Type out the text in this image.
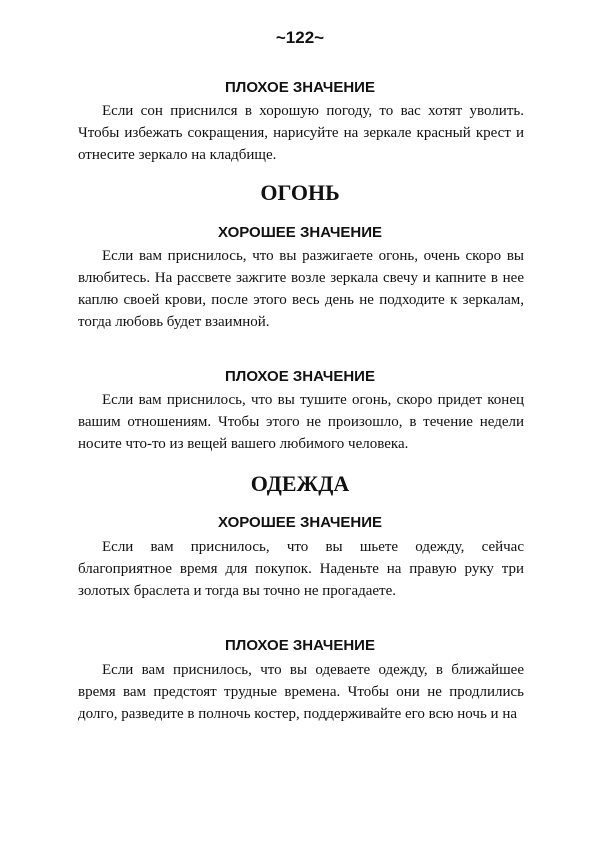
~122~
ПЛОХОЕ ЗНАЧЕНИЕ

Если сон приснился в хорошую погоду, то вас хотят уволить. Чтобы избежать сокращения, нарисуйте на зеркале красный крест и отнесите зеркало на кладбище.

ОГОНЬ
ХОРОШЕЕ ЗНАЧЕНИЕ

Если вам приснилось, что вы разжигаете огонь, очень скоро вы влюбитесь. На рассвете зажгите возле зеркала свечу и капните в нее каплю своей крови, после этого весь день не подходите к зеркалам, тогда любовь будет взаимной.

ПЛОХОЕ ЗНАЧЕНИЕ

Если вам приснилось, что вы тушите огонь, скоро придет конец вашим отношениям. Чтобы этого не произошло, в течение недели носите что-то из вещей вашего любимого человека.

ОДЕЖДА
ХОРОШЕЕ ЗНАЧЕНИЕ

Если вам приснилось, что вы шьете одежду, сейчас благоприятное время для покупок. Наденьте на правую руку три золотых браслета и тогда вы точно не прогадаете.

ПЛОХОЕ ЗНАЧЕНИЕ

Если вам приснилось, что вы одеваете одежду, в ближайшее время вам предстоят трудные времена. Чтобы они не продлились долго, разведите в полночь костер, поддерживайте его всю ночь и на
